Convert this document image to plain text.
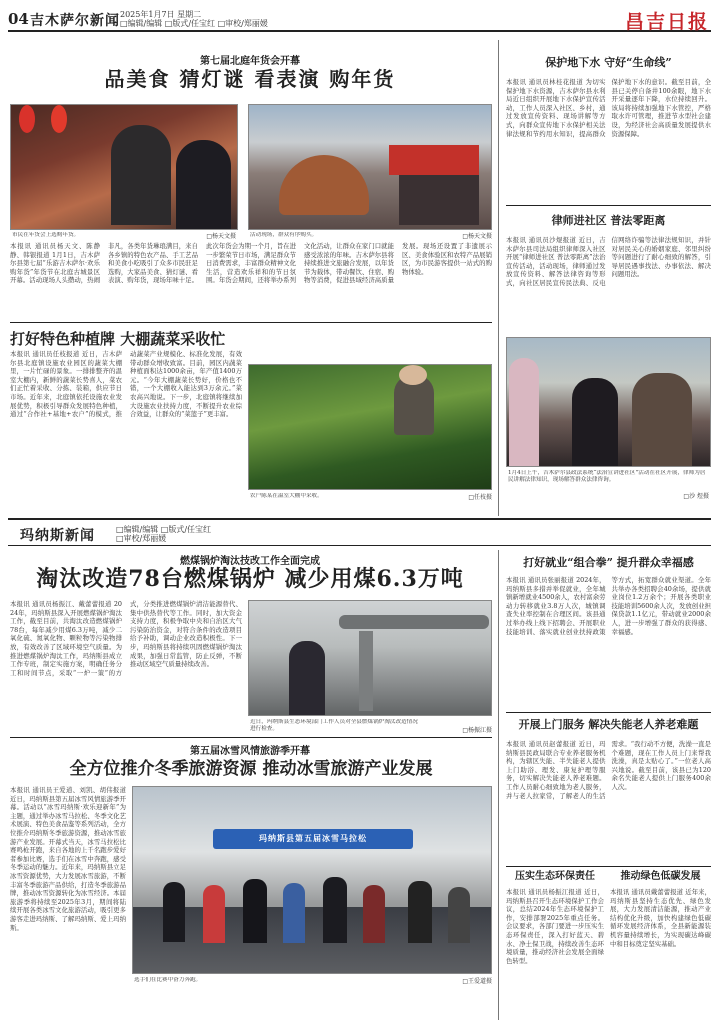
04 吉木萨尔新闻 2025年1月7日 星期二
□编辑/编辑 □版式/任宝红 □审校/郑丽媛	昌吉日报
第七届北庭年货会开幕
品美食 猜灯谜 看表演 购年货
市民在年货会上选购年货。	□杨天文摄	活动现场，群众有序购买。	□杨天文摄
本报讯 通讯员杨天文、陈静静、韩银报道 1月1日，吉木萨尔县第七届“乐游吉木萨尔·欢乐购年货”年货节在北庭古城景区开幕。活动现场人头攒动，热闹非凡，各类年货琳琅满目，来自各乡镇的特色农产品、手工艺品和美食小吃吸引了众多市民驻足选购，大家品美食、猜灯谜、看表演、购年货，现场年味十足。此次年货会为期一个月，旨在进一步繁荣节日市场，满足群众节日消费需求，丰富群众精神文化生活，营造欢乐祥和的节日氛围。年货会期间，还将举办系列文化活动，让群众在家门口就能感受浓浓的年味。吉木萨尔县将持续推进文旅融合发展，以年货节为载体，带动餐饮、住宿、购物等消费，促进县域经济高质量发展。现场还设置了非遗展示区、美食体验区和农特产品展销区，为市民游客提供一站式的购物体验。
打好特色种植牌 大棚蔬菜采收忙
本报讯 通讯员任枝报道 近日，吉木萨尔县北庭镇设施农业园区的蔬菜大棚里，一片忙碌的景象。一排排整齐的温室大棚内，新鲜的蔬菜长势喜人，菜农们正忙着采收、分拣、装箱，供应节日市场。近年来，北庭镇依托设施农业发展优势，积极引导群众发展特色种植，通过“合作社+基地+农户”的模式，推动蔬菜产业规模化、标准化发展，有效带动群众增收致富。目前，园区内蔬菜种植面积达1000余亩，年产值1400万元。“今年大棚蔬菜长势好，价格也不错，一个大棚收入能达到3万余元。”菜农高兴地说。下一步，北庭镇将继续加大设施农业扶持力度，不断提升农业综合效益，让群众的“菜篮子”更丰富。
农户陈某在温室大棚中采收。	□任枝摄
保护地下水 守好“生命线”
本报讯 通讯员林桂花报道 为切实保护地下水资源，吉木萨尔县水利局近日组织开展地下水保护宣传活动，工作人员深入社区、乡村，通过发放宣传资料、现场讲解等方式，向群众宣传地下水保护相关法律法规和节约用水知识，提高群众保护地下水的意识。截至目前，全县已关停自备井100余眼，地下水开采量逐年下降，水位持续回升。该局将持续加强地下水管控，严格取水许可管理，推进节水型社会建设，为经济社会高质量发展提供水资源保障。
律师进社区 普法零距离
本报讯 通讯员沙煜报道 近日，吉木萨尔县司法局组织律师深入社区开展“律师进社区 普法零距离”法治宣传活动，活动现场，律师通过发放宣传资料、解答法律咨询等形式，向社区居民宣传民法典、反电信网络诈骗等法律法规知识，并针对居民关心的婚姻家庭、邻里纠纷等问题进行了耐心细致的解答，引导居民遇事找法、办事依法、解决问题用法。
1月4日上午，吉木萨尔县政法系统“法治宣讲进社区”活动在社区开展，律师为居民讲解法律知识，现场解答群众法律咨询。
□沙 煜摄
玛纳斯新闻	□编辑/编辑 □版式/任宝红
□审校/郑丽媛
燃煤锅炉淘汰技改工作全面完成
淘汰改造78台燃煤锅炉 减少用煤6.3万吨
本报讯 通讯员杨振江、戴蕾蕾报道 2024年，玛纳斯县深入开展燃煤锅炉淘汰工作，截至目前，共淘汰改造燃煤锅炉78台，每年减少用煤6.3万吨，减少二氧化硫、氮氧化物、颗粒物等污染物排放，有效改善了区域环境空气质量。为推进燃煤锅炉淘汰工作，玛纳斯县成立工作专班，制定实施方案，明确任务分工和时间节点，采取“一炉一策”的方式，分类推进燃煤锅炉清洁能源替代、集中供热替代等工作。同时，加大资金支持力度，积极争取中央和自治区大气污染防治资金，对符合条件的改造项目给予补助，调动企业改造积极性。下一步，玛纳斯县将持续巩固燃煤锅炉淘汰成果，加强日常监管，防止反弹，不断推动区域空气质量持续改善。
近日，玛纳斯县生态环境部门工作人员对全县燃煤锅炉淘汰改造情况进行检查。	□杨振江摄
打好就业“组合拳” 提升群众幸福感
本报讯 通讯员张丽报道 2024年，玛纳斯县多措并举促就业，全年城镇新增就业4500余人，农村富余劳动力转移就业3.8万人次，城镇调查失业率控制在合理区间。该县通过举办线上线下招聘会、开展职业技能培训、落实就业创业扶持政策等方式，拓宽群众就业渠道。全年共举办各类招聘会40余场，提供就业岗位1.2万余个；开展各类职业技能培训5600余人次，发放创业担保贷款1.1亿元，带动就业2000余人，进一步增强了群众的获得感、幸福感。
开展上门服务 解决失能老人养老难题
本报讯 通讯员赵蕾报道 近日，玛纳斯县民政局联合专业养老服务机构，为辖区失能、半失能老人提供上门助浴、理发、康复护理等服务，切实解决失能老人养老难题。工作人员耐心细致地为老人服务，并与老人拉家常，了解老人的生活需求。“我行动不方便，洗澡一直是个难题，现在工作人员上门来帮我洗澡，真是太贴心了。”一位老人高兴地说。截至目前，该县已为120余名失能老人提供上门服务400余人次。
压实生态环保责任	推动绿色低碳发展
本报讯 通讯员杨振江报道 近日，玛纳斯县召开生态环境保护工作会议，总结2024年生态环境保护工作，安排部署2025年重点任务。会议要求，各部门要进一步压实生态环保责任，深入打好蓝天、碧水、净土保卫战，持续改善生态环境质量，推动经济社会发展全面绿色转型。
本报讯 通讯员戴蕾蕾报道 近年来，玛纳斯县坚持生态优先、绿色发展，大力发展清洁能源，推动产业结构优化升级，加快构建绿色低碳循环发展经济体系，全县新能源装机容量持续增长，为实现碳达峰碳中和目标奠定坚实基础。
第五届冰雪风情旅游季开幕
全方位推介冬季旅游资源 推动冰雪旅游产业发展
本报讯 通讯员王爱道、刘凯、胡伟报道 近日，玛纳斯县第五届冰雪风情旅游季开幕。活动以“冰雪玛纳斯·欢乐迎新年”为主题，通过举办冰雪马拉松、冬季文化艺术展演、特色美食品鉴等系列活动，全方位推介玛纳斯冬季旅游资源，推动冰雪旅游产业发展。开幕式当天，冰雪马拉松比赛鸣枪开跑，来自各地的上千名跑步爱好者参加比赛，选手们在冰雪中奔跑，感受冬季运动的魅力。近年来，玛纳斯县立足冰雪资源优势，大力发展冰雪旅游，不断丰富冬季旅游产品供给，打造冬季旅游品牌，推动冰雪资源转化为冰雪经济。本届旅游季将持续至2025年3月，期间将陆续开展各类冰雪文化旅游活动，吸引更多游客走进玛纳斯、了解玛纳斯、爱上玛纳斯。
玛纳斯县第五届冰雪马拉松
选手们在比赛中奋力奔跑。	□王爱道摄
